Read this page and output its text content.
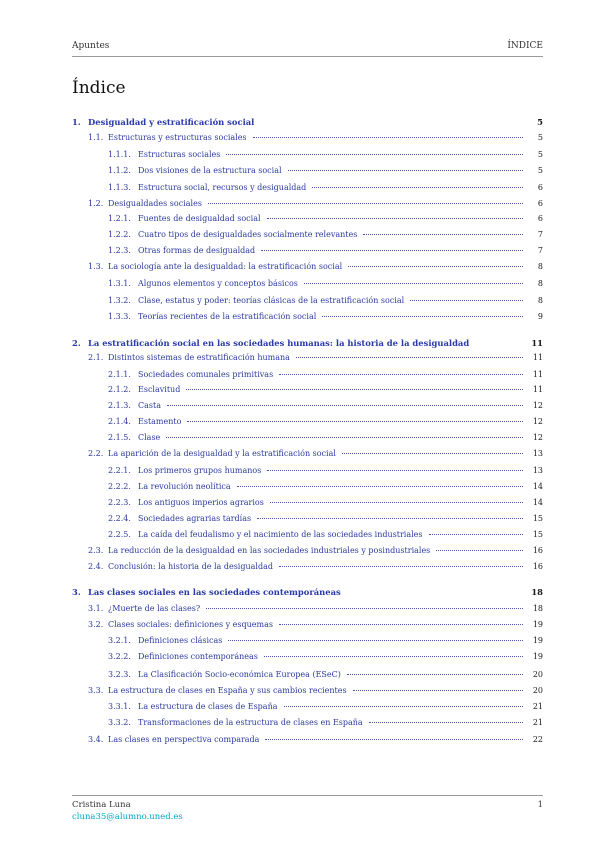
Apuntes	ÍNDICE
Índice
1. Desigualdad y estratificación social	5
1.1. Estructuras y estructuras sociales	5
1.1.1. Estructuras sociales	5
1.1.2. Dos visiones de la estructura social	5
1.1.3. Estructura social, recursos y desigualdad	6
1.2. Desigualdades sociales	6
1.2.1. Fuentes de desigualdad social	6
1.2.2. Cuatro tipos de desigualdades socialmente relevantes	7
1.2.3. Otras formas de desigualdad	7
1.3. La sociología ante la desigualdad: la estratificación social	8
1.3.1. Algunos elementos y conceptos básicos	8
1.3.2. Clase, estatus y poder: teorías clásicas de la estratificación social	8
1.3.3. Teorías recientes de la estratificación social	9
2. La estratificación social en las sociedades humanas: la historia de la desigualdad	11
2.1. Distintos sistemas de estratificación humana	11
2.1.1. Sociedades comunales primitivas	11
2.1.2. Esclavitud	11
2.1.3. Casta	12
2.1.4. Estamento	12
2.1.5. Clase	12
2.2. La aparición de la desigualdad y la estratificación social	13
2.2.1. Los primeros grupos humanos	13
2.2.2. La revolución neolítica	14
2.2.3. Los antiguos imperios agrarios	14
2.2.4. Sociedades agrarias tardías	15
2.2.5. La caída del feudalismo y el nacimiento de las sociedades industriales	15
2.3. La reducción de la desigualdad en las sociedades industriales y posindustriales	16
2.4. Conclusión: la historia de la desigualdad	16
3. Las clases sociales en las sociedades contemporáneas	18
3.1. ¿Muerte de las clases?	18
3.2. Clases sociales: definiciones y esquemas	19
3.2.1. Definiciones clásicas	19
3.2.2. Definiciones contemporáneas	19
3.2.3. La Clasificación Socio-económica Europea (ESeC)	20
3.3. La estructura de clases en España y sus cambios recientes	20
3.3.1. La estructura de clases de España	21
3.3.2. Transformaciones de la estructura de clases en España	21
3.4. Las clases en perspectiva comparada	22
Cristina Luna
cluna35@alumno.uned.es
1
